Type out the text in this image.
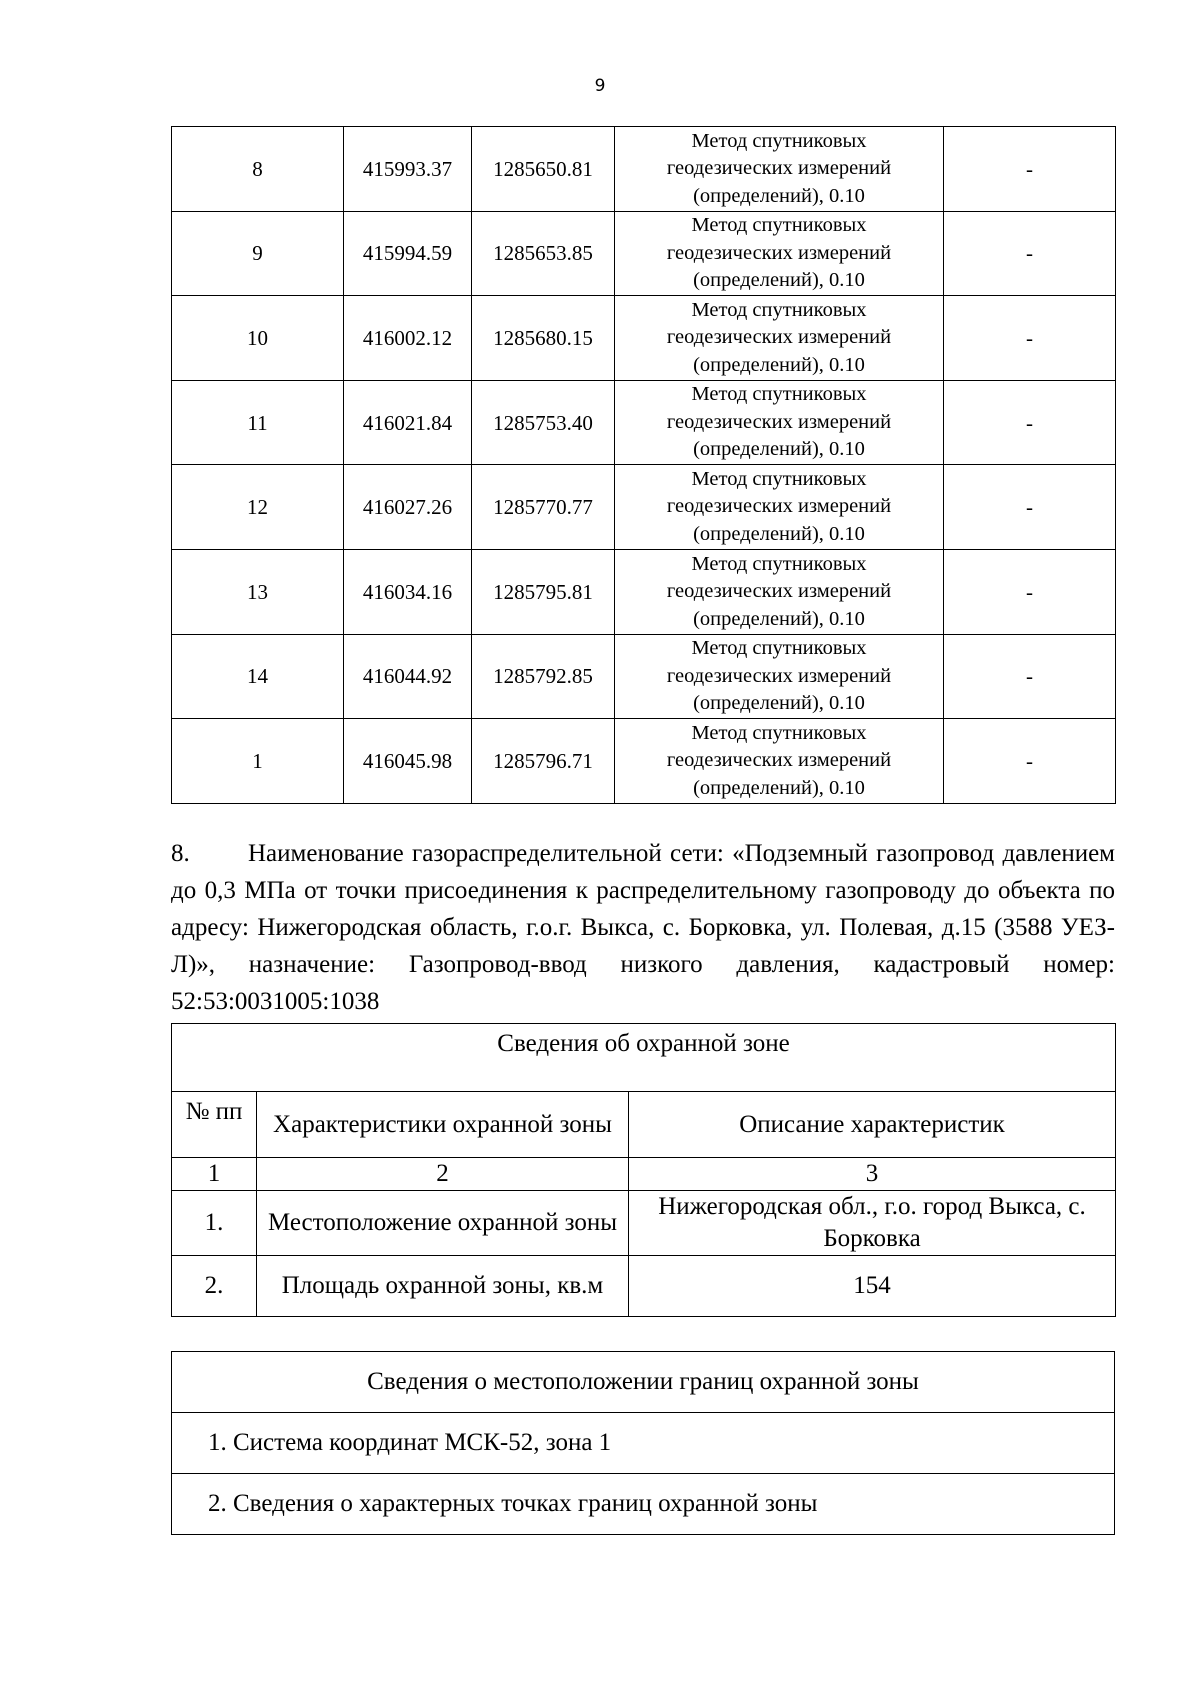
9
8	415993.37	1285650.81	Метод спутниковых
геодезических измерений
(определений), 0.10	-
9	415994.59	1285653.85	Метод спутниковых
геодезических измерений
(определений), 0.10	-
10	416002.12	1285680.15	Метод спутниковых
геодезических измерений
(определений), 0.10	-
11	416021.84	1285753.40	Метод спутниковых
геодезических измерений
(определений), 0.10	-
12	416027.26	1285770.77	Метод спутниковых
геодезических измерений
(определений), 0.10	-
13	416034.16	1285795.81	Метод спутниковых
геодезических измерений
(определений), 0.10	-
14	416044.92	1285792.85	Метод спутниковых
геодезических измерений
(определений), 0.10	-
1	416045.98	1285796.71	Метод спутниковых
геодезических измерений
(определений), 0.10	-

8. Наименование газораспределительной сети: «Подземный газопровод давлением до 0,3 МПа от точки присоединения к распределительному газопроводу до объекта по адресу: Нижегородская область, г.о.г. Выкса, с. Борковка, ул. Полевая, д.15 (3588 УЕЗ-Л)», назначение: Газопровод-ввод низкого давления, кадастровый номер: 52:53:0031005:1038

Сведения об охранной зоне		
№ пп	Характеристики охранной зоны	Описание характеристик
1	2	3
1.	Местоположение охранной зоны	Нижегородская обл., г.о. город Выкса, с. Борковка
2.	Площадь охранной зоны, кв.м	154
Сведения о местоположении границ охранной зоны
1. Система координат МСК-52, зона 1
2. Сведения о характерных точках границ охранной зоны
